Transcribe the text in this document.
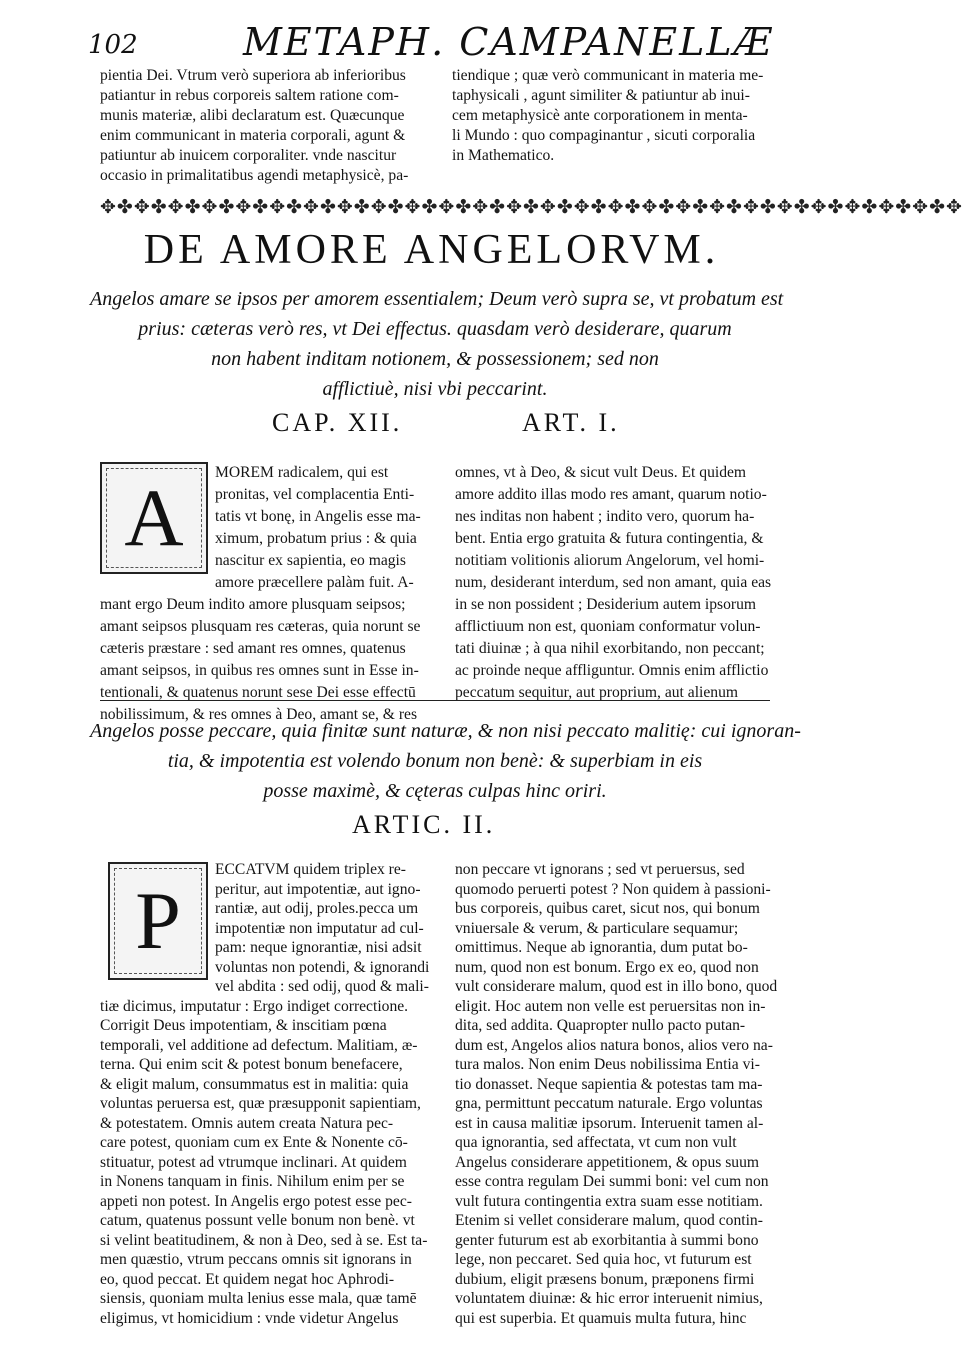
102	METAPH. CAMPANELLÆ
pientia Dei. Vtrum verò superiora ab inferioribus
patiantur in rebus corporeis saltem ratione com-
munis materiæ, alibi declaratum est. Quæcunque
enim communicant in materia corporali, agunt &
patiuntur ab inuicem corporaliter. vnde nascitur
occasio in primalitatibus agendi metaphysicè, pa-
tiendique ; quæ verò communicant in materia me-
taphysicali , agunt similiter & patiuntur ab inui-
cem metaphysicè ante corporationem in menta-
li Mundo : quo compaginantur , sicuti corporalia
in Mathematico.
✥✤✥✤✥✤✥✤✥✤✥✤✥✤✥✤✥✤✥✤✥✤✥✤✥✤✥✤✥✤✥✤✥✤✥✤✥✤✥✤✥✤✥✤✥✤✥✤✥✤✥
DE AMORE ANGELORVM.
Angelos amare se ipsos per amorem essentialem; Deum verò supra se, vt probatum est
prius: cæteras verò res, vt Dei effectus. quasdam verò desiderare, quarum
non habent inditam notionem, & possessionem; sed non
afflictiuè, nisi vbi peccarint.
CAP. XII.	ART. I.
A	MOREM radicalem, qui est
pronitas, vel complacentia Enti-
tatis vt bonę, in Angelis esse ma-
ximum, probatum prius : & quia
nascitur ex sapientia, eo magis
amore præcellere palàm fuit. A-
mant ergo Deum indito amore plusquam seipsos;
amant seipsos plusquam res cæteras, quia norunt se
cæteris præstare : sed amant res omnes, quatenus
amant seipsos, in quibus res omnes sunt in Esse in-
tentionali, & quatenus norunt sese Dei esse effectū
nobilissimum, & res omnes à Deo, amant se, & res
omnes, vt à Deo, & sicut vult Deus. Et quidem
amore addito illas modo res amant, quarum notio-
nes inditas non habent ; indito vero, quorum ha-
bent. Entia ergo gratuita & futura contingentia, &
notitiam volitionis aliorum Angelorum, vel homi-
num, desiderant interdum, sed non amant, quia eas
in se non possident ; Desiderium autem ipsorum
afflictiuum non est, quoniam conformatur volun-
tati diuinæ ; à qua nihil exorbitando, non peccant;
ac proinde neque affliguntur. Omnis enim afflictio
peccatum sequitur, aut proprium, aut alienum
Angelos posse peccare, quia finitæ sunt naturæ, & non nisi peccato malitię: cui ignoran-
tia, & impotentia est volendo bonum non benè: & superbiam in eis
posse maximè, & cęteras culpas hinc oriri.
ARTIC. II.
P
ECCATVM quidem triplex re-
peritur, aut impotentiæ, aut igno-
rantiæ, aut odij, proles.pecca um
impotentiæ non imputatur ad cul-
pam: neque ignorantiæ, nisi adsit
voluntas non potendi, & ignorandi
vel abdita : sed odij, quod & mali-
tiæ dicimus, imputatur : Ergo indiget correctione.
Corrigit Deus impotentiam, & inscitiam pœna
temporali, vel additione ad defectum. Malitiam, æ-
terna. Qui enim scit & potest bonum benefacere,
& eligit malum, consummatus est in malitia: quia
voluntas peruersa est, quæ præsupponit sapientiam,
& potestatem. Omnis autem creata Natura pec-
care potest, quoniam cum ex Ente & Nonente cō-
stituatur, potest ad vtrumque inclinari. At quidem
in Nonens tanquam in finis. Nihilum enim per se
appeti non potest. In Angelis ergo potest esse pec-
catum, quatenus possunt velle bonum non benè. vt
si velint beatitudinem, & non à Deo, sed à se. Est ta-
men quæstio, vtrum peccans omnis sit ignorans in
eo, quod peccat. Et quidem negat hoc Aphrodi-
siensis, quoniam multa lenius esse mala, quæ tamē
eligimus, vt homicidium : vnde videtur Angelus
non peccare vt ignorans ; sed vt peruersus, sed
quomodo peruerti potest ? Non quidem à passioni-
bus corporeis, quibus caret, sicut nos, qui bonum
vniuersale & verum, & particulare sequamur;
omittimus. Neque ab ignorantia, dum putat bo-
num, quod non est bonum. Ergo ex eo, quod non
vult considerare malum, quod est in illo bono, quod
eligit. Hoc autem non velle est peruersitas non in-
dita, sed addita. Quapropter nullo pacto putan-
dum est, Angelos alios natura bonos, alios vero na-
tura malos. Non enim Deus nobilissima Entia vi-
tio donasset. Neque sapientia & potestas tam ma-
gna, permittunt peccatum naturale. Ergo voluntas
est in causa malitiæ ipsorum. Interuenit tamen al-
qua ignorantia, sed affectata, vt cum non vult
Angelus considerare appetitionem, & opus suum
esse contra regulam Dei summi boni: vel cum non
vult futura contingentia extra suam esse notitiam.
Etenim si vellet considerare malum, quod contin-
genter futurum est ab exorbitantia à summi bono
lege, non peccaret. Sed quia hoc, vt futurum est
dubium, eligit præsens bonum, præponens firmi
voluntatem diuinæ: & hic error interuenit nimius,
qui est superbia. Et quamuis multa futura, hinc
